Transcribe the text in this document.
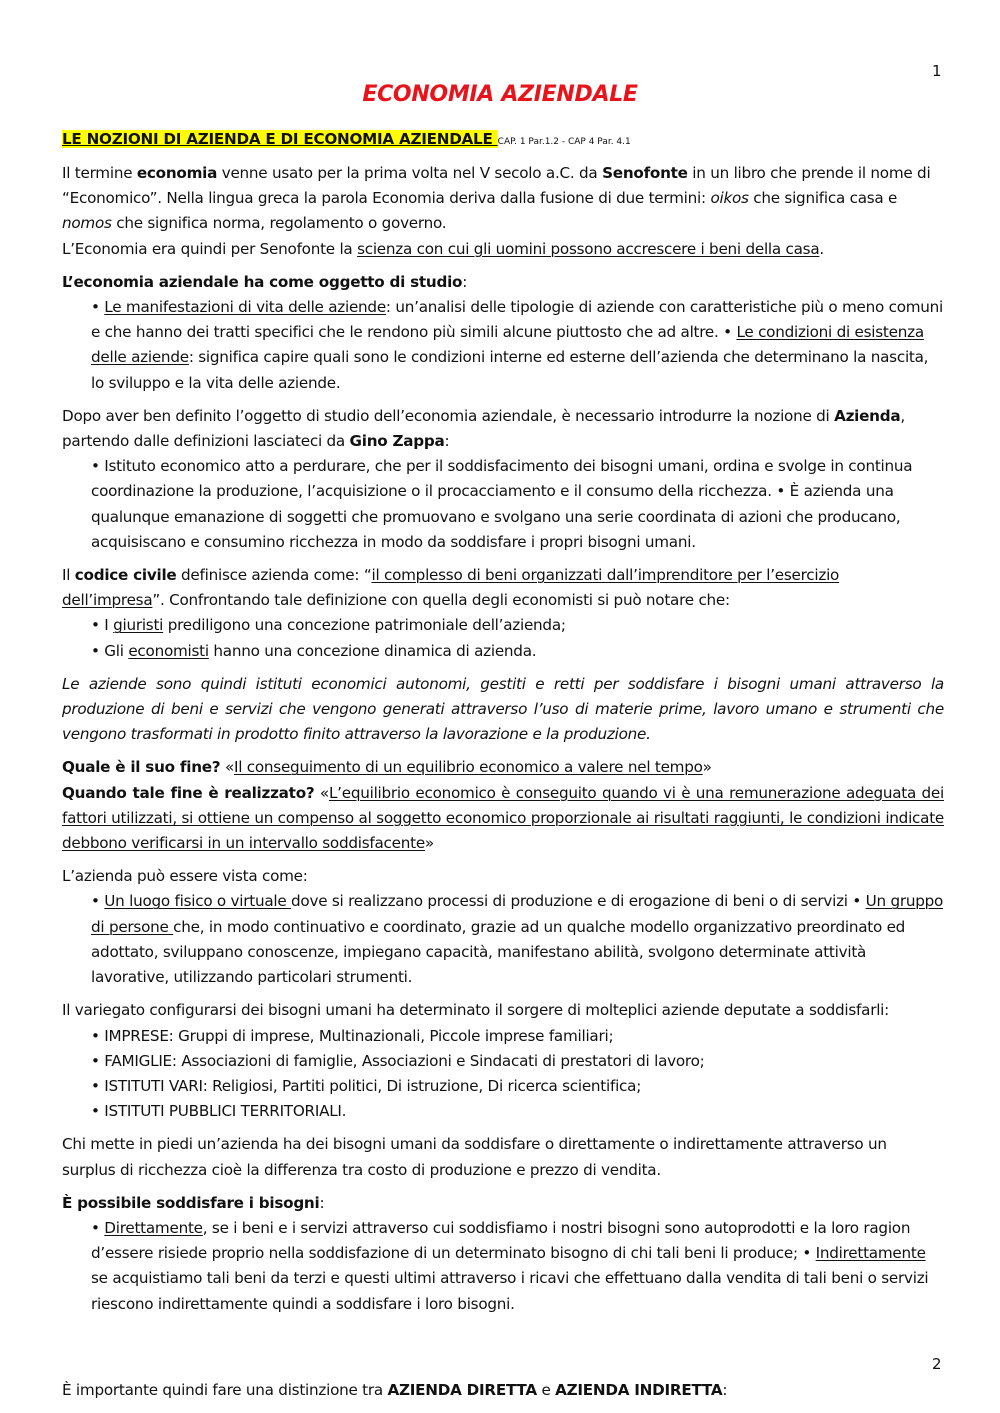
1
2
ECONOMIA AZIENDALE

LE NOZIONI DI AZIENDA E DI ECONOMIA AZIENDALE CAP. 1 Par.1.2 - CAP 4 Par. 4.1

Il termine economia venne usato per la prima volta nel V secolo a.C. da Senofonte in un libro che prende il nome di “Economico”. Nella lingua greca la parola Economia deriva dalla fusione di due termini: oikos che significa casa e nomos che significa norma, regolamento o governo.

L’Economia era quindi per Senofonte la scienza con cui gli uomini possono accrescere i beni della casa.

L’economia aziendale ha come oggetto di studio:

• Le manifestazioni di vita delle aziende: un’analisi delle tipologie di aziende con caratteristiche più o meno comuni e che hanno dei tratti specifici che le rendono più simili alcune piuttosto che ad altre. • Le condizioni di esistenza delle aziende: significa capire quali sono le condizioni interne ed esterne dell’azienda che determinano la nascita, lo sviluppo e la vita delle aziende.

Dopo aver ben definito l’oggetto di studio dell’economia aziendale, è necessario introdurre la nozione di Azienda, partendo dalle definizioni lasciateci da Gino Zappa:

• Istituto economico atto a perdurare, che per il soddisfacimento dei bisogni umani, ordina e svolge in continua coordinazione la produzione, l’acquisizione o il procacciamento e il consumo della ricchezza. • È azienda una qualunque emanazione di soggetti che promuovano e svolgano una serie coordinata di azioni che producano, acquisiscano e consumino ricchezza in modo da soddisfare i propri bisogni umani.

Il codice civile definisce azienda come: “il complesso di beni organizzati dall’imprenditore per l’esercizio dell’impresa”. Confrontando tale definizione con quella degli economisti si può notare che:

• I giuristi prediligono una concezione patrimoniale dell’azienda;

• Gli economisti hanno una concezione dinamica di azienda.

Le aziende sono quindi istituti economici autonomi, gestiti e retti per soddisfare i bisogni umani attraverso la produzione di beni e servizi che vengono generati attraverso l’uso di materie prime, lavoro umano e strumenti che vengono trasformati in prodotto finito attraverso la lavorazione e la produzione.

Quale è il suo fine? «Il conseguimento di un equilibrio economico a valere nel tempo»

Quando tale fine è realizzato? «L’equilibrio economico è conseguito quando vi è una remunerazione adeguata dei fattori utilizzati, si ottiene un compenso al soggetto economico proporzionale ai risultati raggiunti, le condizioni indicate debbono verificarsi in un intervallo soddisfacente»

L’azienda può essere vista come:

• Un luogo fisico o virtuale dove si realizzano processi di produzione e di erogazione di beni o di servizi • Un gruppo di persone che, in modo continuativo e coordinato, grazie ad un qualche modello organizzativo preordinato ed adottato, sviluppano conoscenze, impiegano capacità, manifestano abilità, svolgono determinate attività lavorative, utilizzando particolari strumenti.

Il variegato configurarsi dei bisogni umani ha determinato il sorgere di molteplici aziende deputate a soddisfarli:

• IMPRESE: Gruppi di imprese, Multinazionali, Piccole imprese familiari;

• FAMIGLIE: Associazioni di famiglie, Associazioni e Sindacati di prestatori di lavoro;

• ISTITUTI VARI: Religiosi, Partiti politici, Di istruzione, Di ricerca scientifica;

• ISTITUTI PUBBLICI TERRITORIALI.

Chi mette in piedi un’azienda ha dei bisogni umani da soddisfare o direttamente o indirettamente attraverso un surplus di ricchezza cioè la differenza tra costo di produzione e prezzo di vendita.

È possibile soddisfare i bisogni:

• Direttamente, se i beni e i servizi attraverso cui soddisfiamo i nostri bisogni sono autoprodotti e la loro ragion d’essere risiede proprio nella soddisfazione di un determinato bisogno di chi tali beni li produce; • Indirettamente se acquistiamo tali beni da terzi e questi ultimi attraverso i ricavi che effettuano dalla vendita di tali beni o servizi riescono indirettamente quindi a soddisfare i loro bisogni.

È importante quindi fare una distinzione tra AZIENDA DIRETTA e AZIENDA INDIRETTA:
